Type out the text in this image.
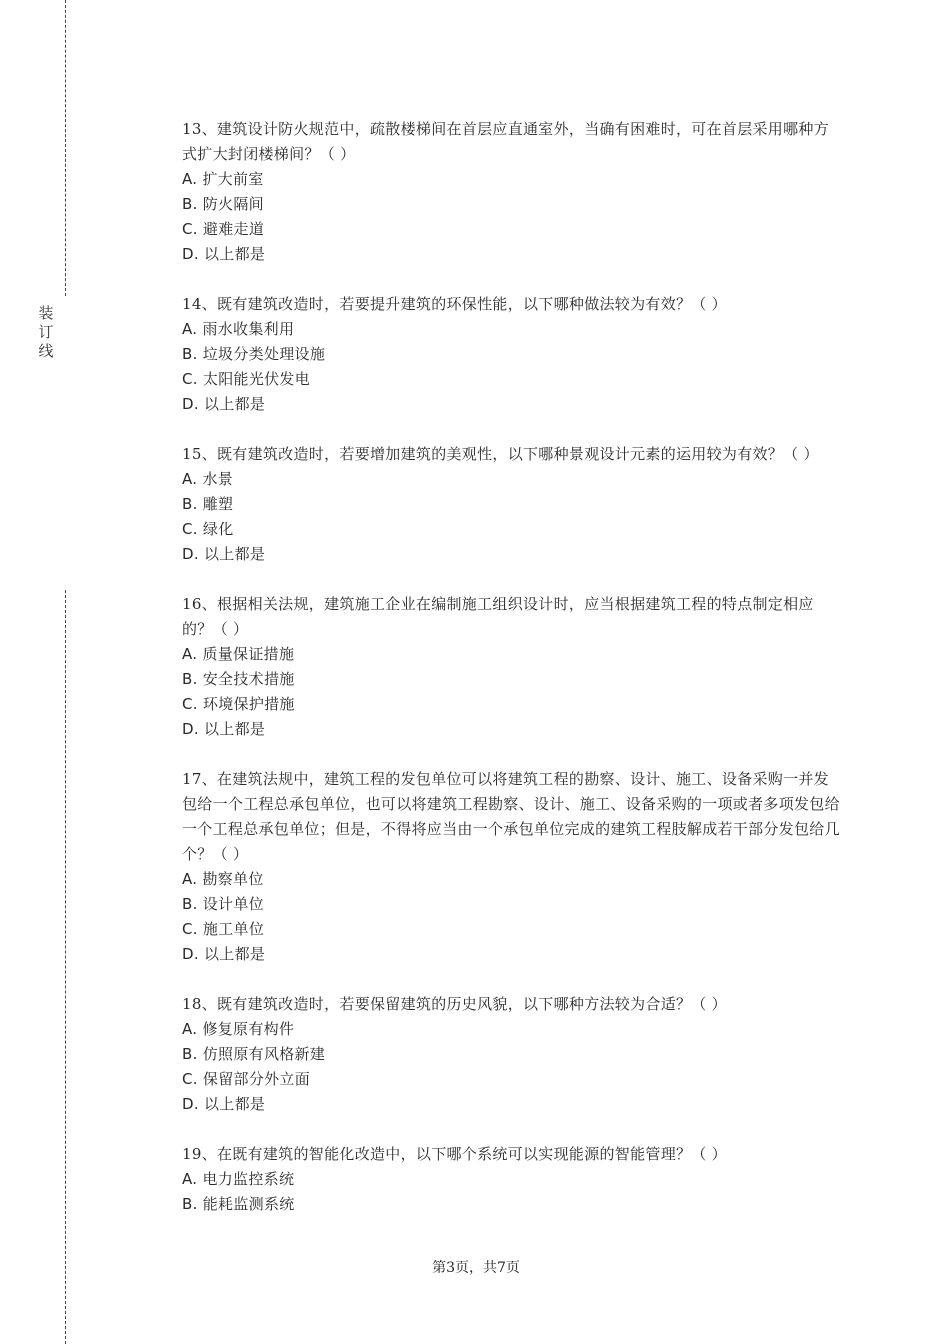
装
订
线

13、建筑设计防火规范中，疏散楼梯间在首层应直通室外，当确有困难时，可在首层采用哪种方式扩大封闭楼梯间？（ ）

A. 扩大前室
B. 防火隔间
C. 避难走道
D. 以上都是

14、既有建筑改造时，若要提升建筑的环保性能，以下哪种做法较为有效？（ ）

A. 雨水收集利用
B. 垃圾分类处理设施
C. 太阳能光伏发电
D. 以上都是

15、既有建筑改造时，若要增加建筑的美观性，以下哪种景观设计元素的运用较为有效？（ ）

A. 水景
B. 雕塑
C. 绿化
D. 以上都是

16、根据相关法规，建筑施工企业在编制施工组织设计时，应当根据建筑工程的特点制定相应的？（ ）

A. 质量保证措施
B. 安全技术措施
C. 环境保护措施
D. 以上都是

17、在建筑法规中，建筑工程的发包单位可以将建筑工程的勘察、设计、施工、设备采购一并发包给一个工程总承包单位，也可以将建筑工程勘察、设计、施工、设备采购的一项或者多项发包给一个工程总承包单位；但是，不得将应当由一个承包单位完成的建筑工程肢解成若干部分发包给几个？（ ）

A. 勘察单位
B. 设计单位
C. 施工单位
D. 以上都是

18、既有建筑改造时，若要保留建筑的历史风貌，以下哪种方法较为合适？（ ）

A. 修复原有构件
B. 仿照原有风格新建
C. 保留部分外立面
D. 以上都是

19、在既有建筑的智能化改造中，以下哪个系统可以实现能源的智能管理？（ ）

A. 电力监控系统
B. 能耗监测系统
第3页，共7页
